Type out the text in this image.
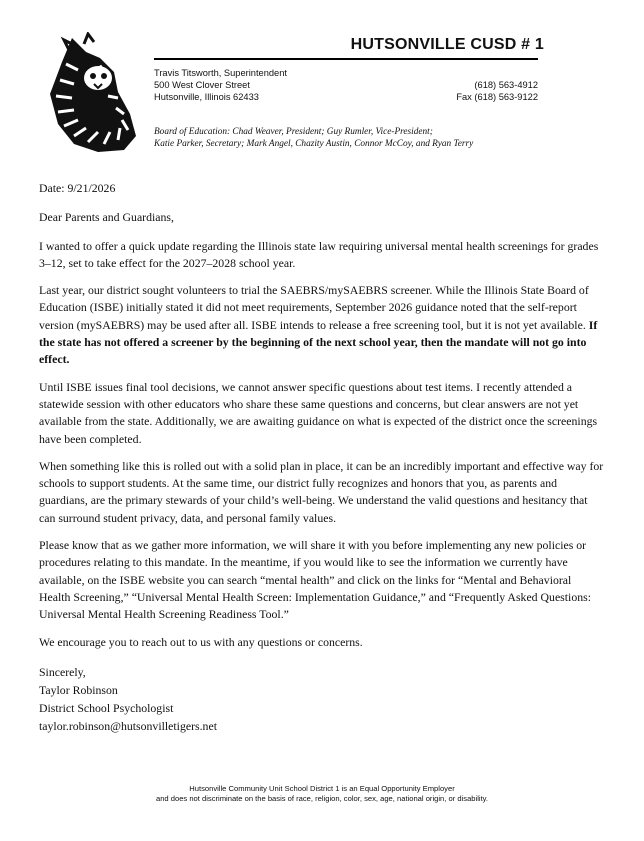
HUTSONVILLE CUSD # 1
Travis Titsworth, Superintendent
500 West Clover Street	(618) 563-4912
Hutsonville, Illinois 62433	Fax (618) 563-9122
Board of Education: Chad Weaver, President; Guy Rumler, Vice-President;
Katie Parker, Secretary; Mark Angel, Chazity Austin, Connor McCoy, and Ryan Terry

Date: 9/21/2026

Dear Parents and Guardians,

I wanted to offer a quick update regarding the Illinois state law requiring universal mental health screenings for grades 3–12, set to take effect for the 2027–2028 school year.

Last year, our district sought volunteers to trial the SAEBRS/mySAEBRS screener. While the Illinois State Board of Education (ISBE) initially stated it did not meet requirements, September 2026 guidance noted that the self-report version (mySAEBRS) may be used after all. ISBE intends to release a free screening tool, but it is not yet available. If the state has not offered a screener by the beginning of the next school year, then the mandate will not go into effect.

Until ISBE issues final tool decisions, we cannot answer specific questions about test items. I recently attended a statewide session with other educators who share these same questions and concerns, but clear answers are not yet available from the state. Additionally, we are awaiting guidance on what is expected of the district once the screenings have been completed.

When something like this is rolled out with a solid plan in place, it can be an incredibly important and effective way for schools to support students. At the same time, our district fully recognizes and honors that you, as parents and guardians, are the primary stewards of your child’s well-being. We understand the valid questions and hesitancy that can surround student privacy, data, and personal family values.

Please know that as we gather more information, we will share it with you before implementing any new policies or procedures relating to this mandate. In the meantime, if you would like to see the information we currently have available, on the ISBE website you can search “mental health” and click on the links for “Mental and Behavioral Health Screening,” “Universal Mental Health Screen: Implementation Guidance,” and “Frequently Asked Questions: Universal Mental Health Screening Readiness Tool.”

We encourage you to reach out to us with any questions or concerns.

Sincerely,
Taylor Robinson
District School Psychologist
taylor.robinson@hutsonvilletigers.net
Hutsonville Community Unit School District 1 is an Equal Opportunity Employer
and does not discriminate on the basis of race, religion, color, sex, age, national origin, or disability.
